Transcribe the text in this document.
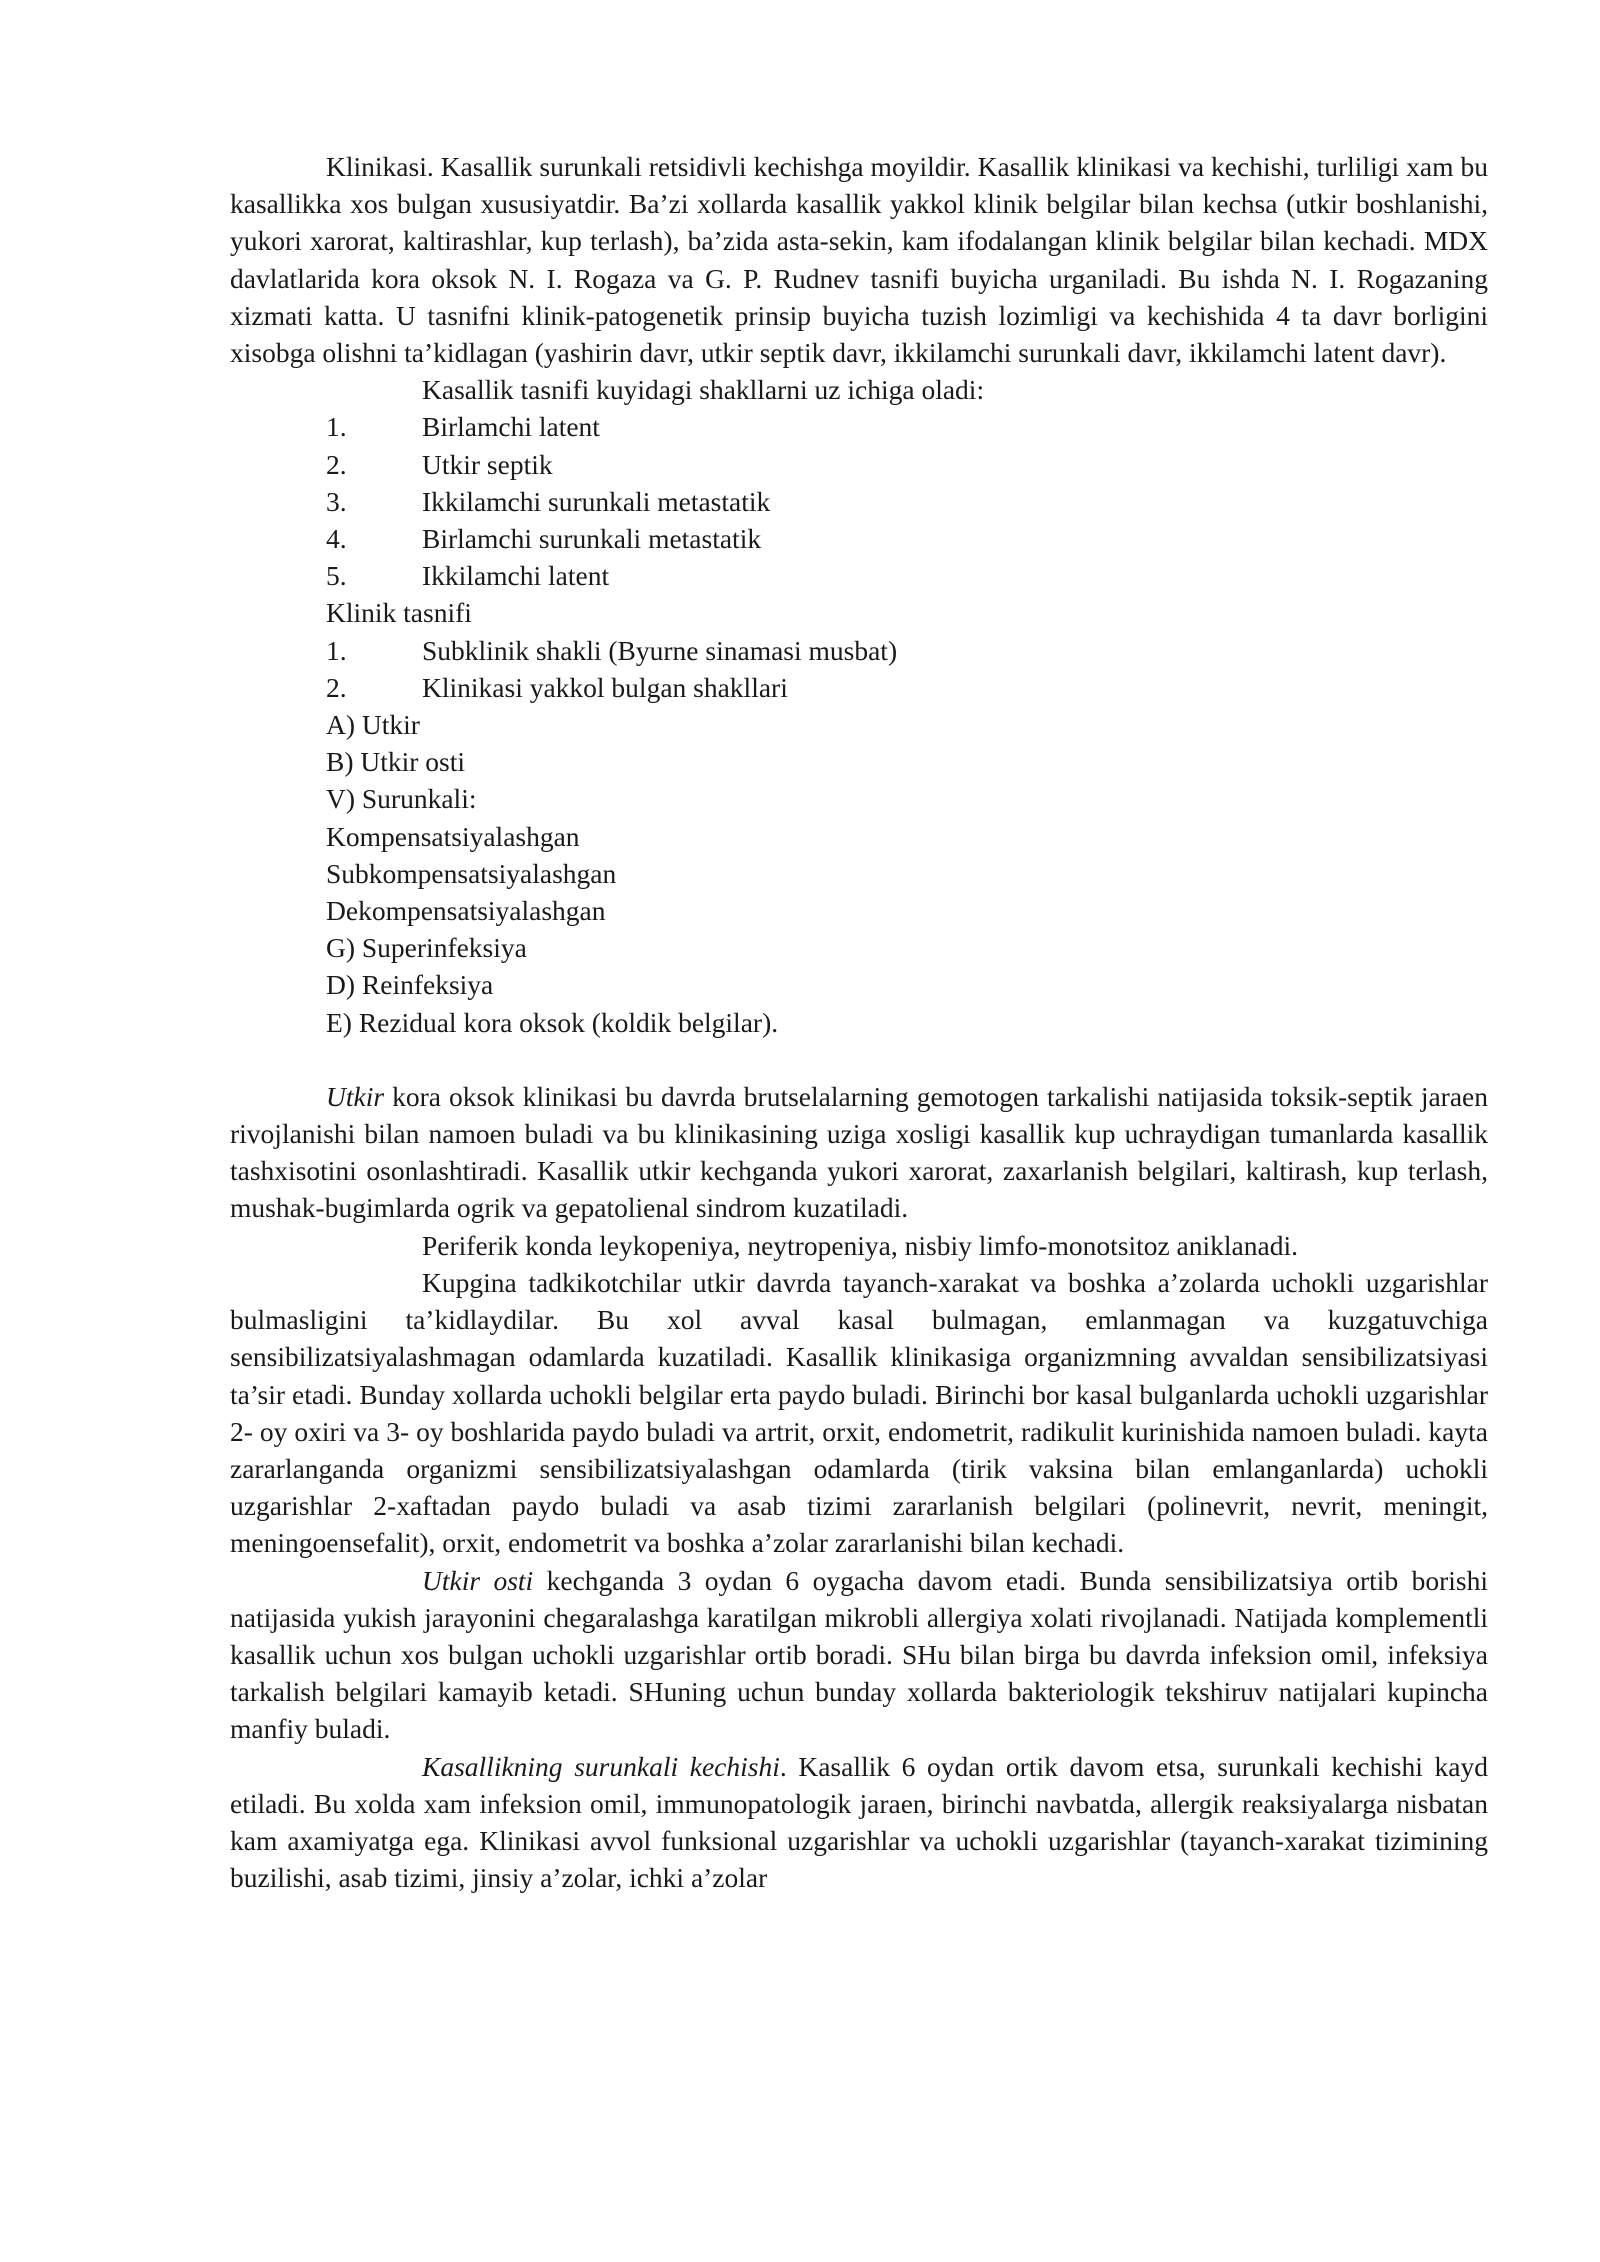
Klinikasi. Kasallik surunkali retsidivli kechishga moyildir. Kasallik klinikasi va kechishi, turliligi xam bu kasallikka xos bulgan xususiyatdir. Ba’zi xollarda kasallik yakkol klinik belgilar bilan kechsa (utkir boshlanishi, yukori xarorat, kaltirashlar, kup terlash), ba’zida asta-sekin, kam ifodalangan klinik belgilar bilan kechadi. MDX davlatlarida kora oksok N. I. Rogaza va G. P. Rudnev tasnifi buyicha urganiladi. Bu ishda N. I. Rogazaning xizmati katta. U tasnifni klinik-patogenetik prinsip buyicha tuzish lozimligi va kechishida 4 ta davr borligini xisobga olishni ta’kidlagan (yashirin davr, utkir septik davr, ikkilamchi surunkali davr, ikkilamchi latent davr).

Kasallik tasnifi kuyidagi shakllarni uz ichiga oladi:

1.	Birlamchi latent
2.	Utkir septik
3.	Ikkilamchi surunkali metastatik
4.	Birlamchi surunkali metastatik
5.	Ikkilamchi latent
Klinik tasnifi
1.	Subklinik shakli (Byurne sinamasi musbat)
2.	Klinikasi yakkol bulgan shakllari
A) Utkir
B) Utkir osti
V) Surunkali:
Kompensatsiyalashgan
Subkompensatsiyalashgan
Dekompensatsiyalashgan
G) Superinfeksiya
D) Reinfeksiya
E) Rezidual kora oksok (koldik belgilar).

Utkir kora oksok klinikasi bu davrda brutselalarning gemotogen tarkalishi natijasida toksik-septik jaraen rivojlanishi bilan namoen buladi va bu klinikasining uziga xosligi kasallik kup uchraydigan tumanlarda kasallik tashxisotini osonlashtiradi. Kasallik utkir kechganda yukori xarorat, zaxarlanish belgilari, kaltirash, kup terlash, mushak-bugimlarda ogrik va gepatolienal sindrom kuzatiladi.

Periferik konda leykopeniya, neytropeniya, nisbiy limfo-monotsitoz aniklanadi.

Kupgina tadkikotchilar utkir davrda tayanch-xarakat va boshka a’zolarda uchokli uzgarishlar bulmasligini ta’kidlaydilar. Bu xol avval kasal bulmagan, emlanmagan va kuzgatuvchiga sensibilizatsiyalashmagan odamlarda kuzatiladi. Kasallik klinikasiga organizmning avvaldan sensibilizatsiyasi ta’sir etadi. Bunday xollarda uchokli belgilar erta paydo buladi. Birinchi bor kasal bulganlarda uchokli uzgarishlar 2- oy oxiri va 3- oy boshlarida paydo buladi va artrit, orxit, endometrit, radikulit kurinishida namoen buladi. kayta zararlanganda organizmi sensibilizatsiyalashgan odamlarda (tirik vaksina bilan emlanganlarda) uchokli uzgarishlar 2-xaftadan paydo buladi va asab tizimi zararlanish belgilari (polinevrit, nevrit, meningit, meningoensefalit), orxit, endometrit va boshka a’zolar zararlanishi bilan kechadi.

Utkir osti kechganda 3 oydan 6 oygacha davom etadi. Bunda sensibilizatsiya ortib borishi natijasida yukish jarayonini chegaralashga karatilgan mikrobli allergiya xolati rivojlanadi. Natijada komplementli kasallik uchun xos bulgan uchokli uzgarishlar ortib boradi. SHu bilan birga bu davrda infeksion omil, infeksiya tarkalish belgilari kamayib ketadi. SHuning uchun bunday xollarda bakteriologik tekshiruv natijalari kupincha manfiy buladi.

Kasallikning surunkali kechishi. Kasallik 6 oydan ortik davom etsa, surunkali kechishi kayd etiladi. Bu xolda xam infeksion omil, immunopatologik jaraen, birinchi navbatda, allergik reaksiyalarga nisbatan kam axamiyatga ega. Klinikasi avvol funksional uzgarishlar va uchokli uzgarishlar (tayanch-xarakat tizimining buzilishi, asab tizimi, jinsiy a’zolar, ichki a’zolar
